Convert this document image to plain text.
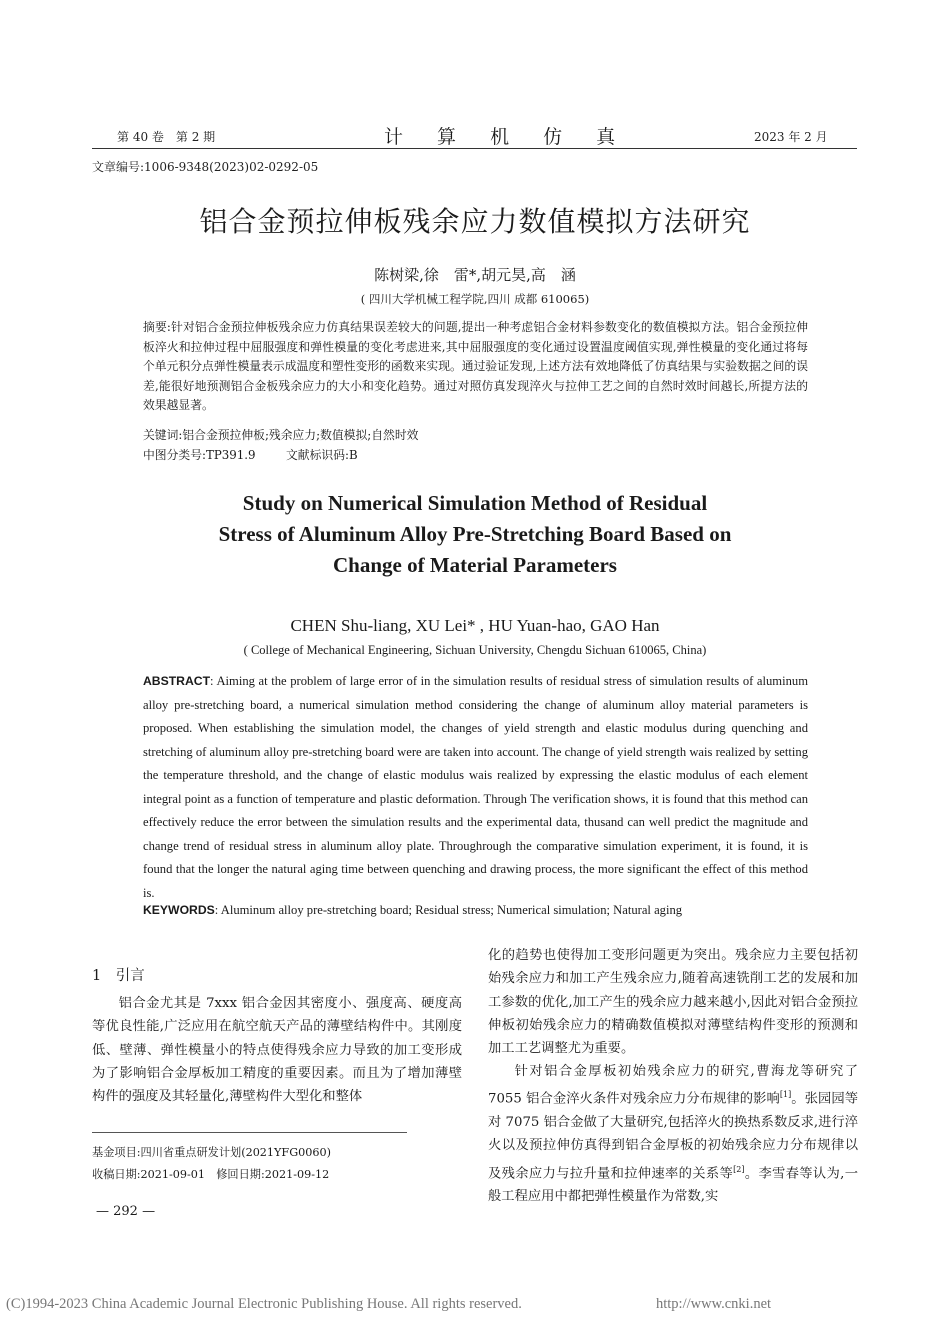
第 40 卷　第 2 期	计 算 机 仿 真	2023 年 2 月
文章编号:1006-9348(2023)02-0292-05
铝合金预拉伸板残余应力数值模拟方法研究
陈树梁,徐　雷*,胡元昊,高　涵
( 四川大学机械工程学院,四川 成都 610065)
摘要:针对铝合金预拉伸板残余应力仿真结果误差较大的问题,提出一种考虑铝合金材料参数变化的数值模拟方法。铝合金预拉伸板淬火和拉伸过程中屈服强度和弹性模量的变化考虑进来,其中屈服强度的变化通过设置温度阈值实现,弹性模量的变化通过将每个单元积分点弹性模量表示成温度和塑性变形的函数来实现。通过验证发现,上述方法有效地降低了仿真结果与实验数据之间的误差,能很好地预测铝合金板残余应力的大小和变化趋势。通过对照仿真发现淬火与拉伸工艺之间的自然时效时间越长,所提方法的效果越显著。
关键词:铝合金预拉伸板;残余应力;数值模拟;自然时效
中图分类号:TP391.9	文献标识码:B
Study on Numerical Simulation Method of Residual
Stress of Aluminum Alloy Pre-Stretching Board Based on
Change of Material Parameters
CHEN Shu-liang, XU Lei* , HU Yuan-hao, GAO Han
( College of Mechanical Engineering, Sichuan University, Chengdu Sichuan 610065, China)
ABSTRACT: Aiming at the problem of large error of in the simulation results of residual stress of simulation results of aluminum alloy pre-stretching board, a numerical simulation method considering the change of aluminum alloy material parameters is proposed. When establishing the simulation model, the changes of yield strength and elastic modulus during quenching and stretching of aluminum alloy pre-stretching board were are taken into account. The change of yield strength wais realized by setting the temperature threshold, and the change of elastic modulus wais realized by expressing the elastic modulus of each element integral point as a function of temperature and plastic deformation. Through The verification shows, it is found that this method can effectively reduce the error between the simulation results and the experimental data, thusand can well predict the magnitude and change trend of residual stress in aluminum alloy plate. Throughrough the comparative simulation experiment, it is found, it is found that the longer the natural aging time between quenching and drawing process, the more significant the effect of this method is.
KEYWORDS: Aluminum alloy pre-stretching board; Residual stress; Numerical simulation; Natural aging
1　引言
铝合金尤其是 7xxx 铝合金因其密度小、强度高、硬度高等优良性能,广泛应用在航空航天产品的薄壁结构件中。其刚度低、壁薄、弹性模量小的特点使得残余应力导致的加工变形成为了影响铝合金厚板加工精度的重要因素。而且为了增加薄壁构件的强度及其轻量化,薄壁构件大型化和整体
基金项目:四川省重点研发计划(2021YFG0060)
收稿日期:2021-09-01　修回日期:2021-09-12
— 292 —
化的趋势也使得加工变形问题更为突出。残余应力主要包括初始残余应力和加工产生残余应力,随着高速铣削工艺的发展和加工参数的优化,加工产生的残余应力越来越小,因此对铝合金预拉伸板初始残余应力的精确数值模拟对薄壁结构件变形的预测和加工工艺调整尤为重要。
针对铝合金厚板初始残余应力的研究,曹海龙等研究了 7055 铝合金淬火条件对残余应力分布规律的影响[1]。张园园等对 7075 铝合金做了大量研究,包括淬火的换热系数反求,进行淬火以及预拉伸仿真得到铝合金厚板的初始残余应力分布规律以及残余应力与拉升量和拉伸速率的关系等[2]。李雪春等认为,一般工程应用中都把弹性模量作为常数,实
(C)1994-2023 China Academic Journal Electronic Publishing House. All rights reserved.	http://www.cnki.net
